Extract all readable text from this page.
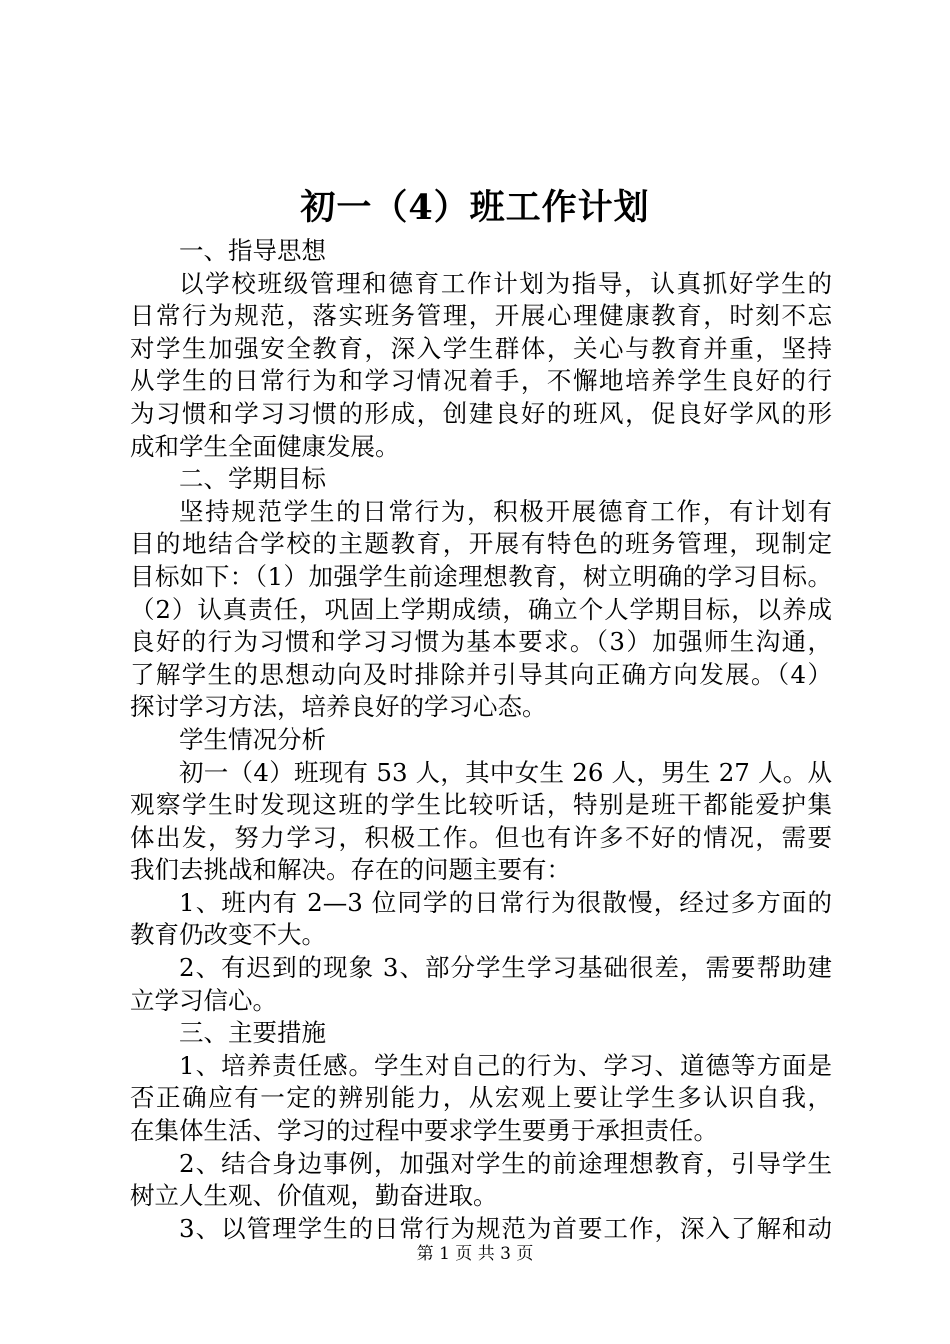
初一（4）班工作计划
一、指导思想
以学校班级管理和德育工作计划为指导，认真抓好学生的
日常行为规范，落实班务管理，开展心理健康教育，时刻不忘
对学生加强安全教育，深入学生群体，关心与教育并重，坚持
从学生的日常行为和学习情况着手，不懈地培养学生良好的行
为习惯和学习习惯的形成，创建良好的班风，促良好学风的形
成和学生全面健康发展。
二、学期目标
坚持规范学生的日常行为，积极开展德育工作，有计划有
目的地结合学校的主题教育，开展有特色的班务管理，现制定
目标如下：（1）加强学生前途理想教育，树立明确的学习目标。
（2）认真责任，巩固上学期成绩，确立个人学期目标，以养成
良好的行为习惯和学习习惯为基本要求。（3）加强师生沟通，
了解学生的思想动向及时排除并引导其向正确方向发展。（4）
探讨学习方法，培养良好的学习心态。
学生情况分析
初一（4）班现有 53 人，其中女生 26 人，男生 27 人。从
观察学生时发现这班的学生比较听话，特别是班干都能爱护集
体出发，努力学习，积极工作。但也有许多不好的情况，需要
我们去挑战和解决。存在的问题主要有：
1、班内有 2—3 位同学的日常行为很散慢，经过多方面的
教育仍改变不大。
2、有迟到的现象 3、部分学生学习基础很差，需要帮助建
立学习信心。
三、主要措施
1、培养责任感。学生对自己的行为、学习、道德等方面是
否正确应有一定的辨别能力，从宏观上要让学生多认识自我，
在集体生活、学习的过程中要求学生要勇于承担责任。
2、结合身边事例，加强对学生的前途理想教育，引导学生
树立人生观、价值观，勤奋进取。
3、以管理学生的日常行为规范为首要工作，深入了解和动
第 1 页 共 3 页
